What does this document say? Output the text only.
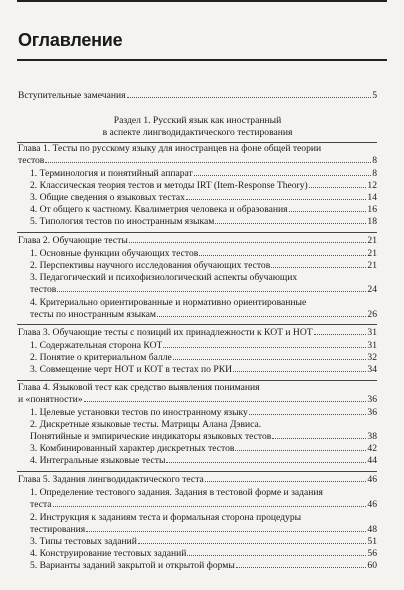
Оглавление
Вступительные замечания	5
Раздел 1. Русский язык как иностранный
в аспекте лингводидактического тестирования
Глава 1. Тесты по русскому языку для иностранцев на фоне общей теории
тестов	8
1. Терминология и понятийный аппарат	8
2. Классическая теория тестов и методы IRT (Item-Response Theory)	12
3. Общие сведения о языковых тестах	14
4. От общего к частному. Квалиметрия человека и образования	16
5. Типология тестов по иностранным языкам	18
Глава 2. Обучающие тесты	21
1. Основные функции обучающих тестов	21
2. Перспективы научного исследования обучающих тестов	21
3. Педагогический и психофизиологический аспекты обучающих
тестов	24
4. Критериально ориентированные и нормативно ориентированные
тесты по иностранным языкам	26
Глава 3. Обучающие тесты с позиций их принадлежности к КОТ и НОТ	31
1. Содержательная сторона КОТ	31
2. Понятие о критериальном балле	32
3. Совмещение черт НОТ и КОТ в тестах по РКИ	34
Глава 4. Языковой тест как средство выявления понимания
и «понятности»	36
1. Целевые установки тестов по иностранному языку	36
2. Дискретные языковые тесты. Матрицы Алана Дэвиса.
Понятийные и эмпирические индикаторы языковых тестов	38
3. Комбинированный характер дискретных тестов	42
4. Интегральные языковые тесты	44
Глава 5. Задания лингводидактического теста	46
1. Определение тестового задания. Задания в тестовой форме и задания
теста	46
2. Инструкция к заданиям теста и формальная сторона процедуры
тестирования	48
3. Типы тестовых заданий	51
4. Конструирование тестовых заданий	56
5. Варианты заданий закрытой и открытой формы	60
